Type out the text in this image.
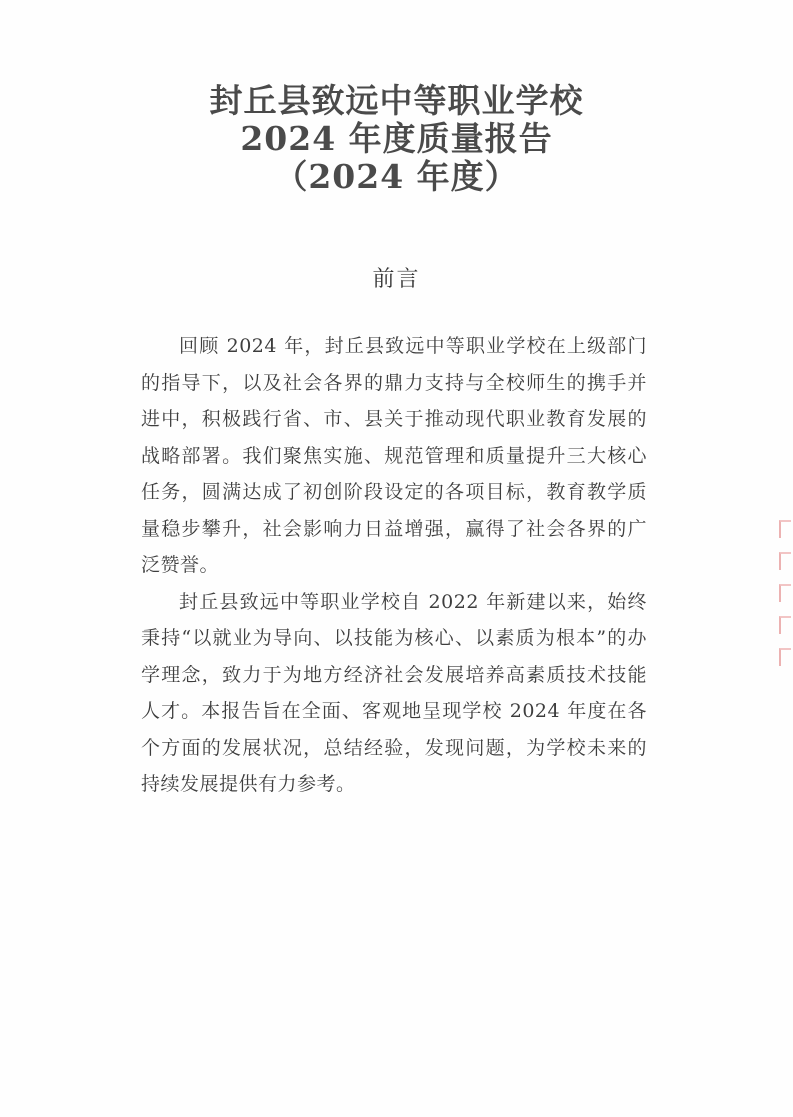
封丘县致远中等职业学校
2024 年度质量报告
（2024 年度）
前言

回顾 2024 年，封丘县致远中等职业学校在上级部门的指导下，以及社会各界的鼎力支持与全校师生的携手并进中，积极践行省、市、县关于推动现代职业教育发展的战略部署。我们聚焦实施、规范管理和质量提升三大核心任务，圆满达成了初创阶段设定的各项目标，教育教学质量稳步攀升，社会影响力日益增强，赢得了社会各界的广泛赞誉。

封丘县致远中等职业学校自 2022 年新建以来，始终秉持“以就业为导向、以技能为核心、以素质为根本”的办学理念，致力于为地方经济社会发展培养高素质技术技能人才。本报告旨在全面、客观地呈现学校 2024 年度在各个方面的发展状况，总结经验，发现问题，为学校未来的持续发展提供有力参考。
